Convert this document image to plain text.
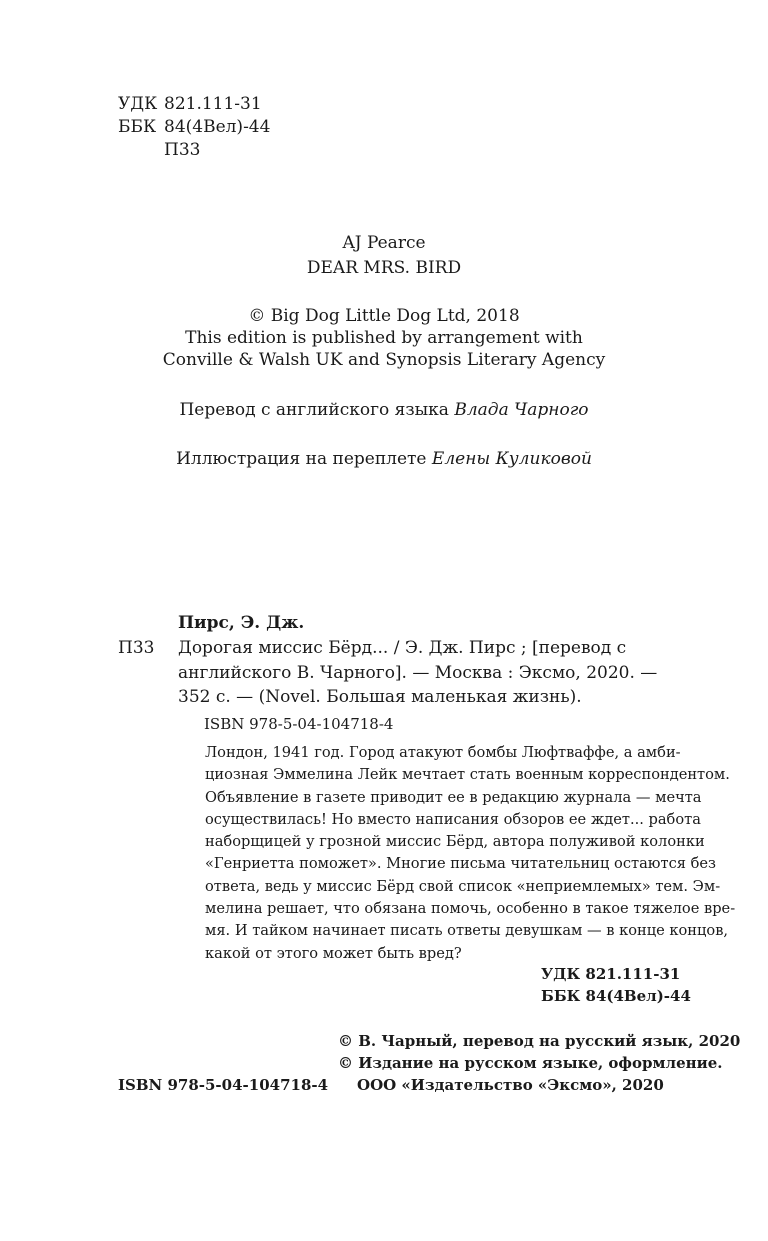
УДК 821.111-31
ББК 84(4Вел)-44
П33
AJ Pearce
DEAR MRS. BIRD
© Big Dog Little Dog Ltd, 2018
This edition is published by arrangement with
Conville & Walsh UK and Synopsis Literary Agency
Перевод с английского языка Влада Чарного
Иллюстрация на переплете Елены Куликовой
Пирс, Э. Дж.
П33 Дорогая миссис Бёрд... / Э. Дж. Пирс ; [перевод с
английского В. Чарного]. — Москва : Эксмо, 2020. —
352 с. — (Novel. Большая маленькая жизнь).
ISBN 978-5-04-104718-4
Лондон, 1941 год. Город атакуют бомбы Люфтваффе, а амби-
циозная Эммелина Лейк мечтает стать военным корреспондентом.
Объявление в газете приводит ее в редакцию журнала — мечта
осуществилась! Но вместо написания обзоров ее ждет... работа
наборщицей у грозной миссис Бёрд, автора полуживой колонки
«Генриетта поможет». Многие письма читательниц остаются без
ответа, ведь у миссис Бёрд свой список «неприемлемых» тем. Эм-
мелина решает, что обязана помочь, особенно в такое тяжелое вре-
мя. И тайком начинает писать ответы девушкам — в конце концов,
какой от этого может быть вред?
УДК 821.111-31
ББК 84(4Вел)-44
© В. Чарный, перевод на русский язык, 2020
© Издание на русском языке, оформление.
ООО «Издательство «Эксмо», 2020
ISBN 978-5-04-104718-4
